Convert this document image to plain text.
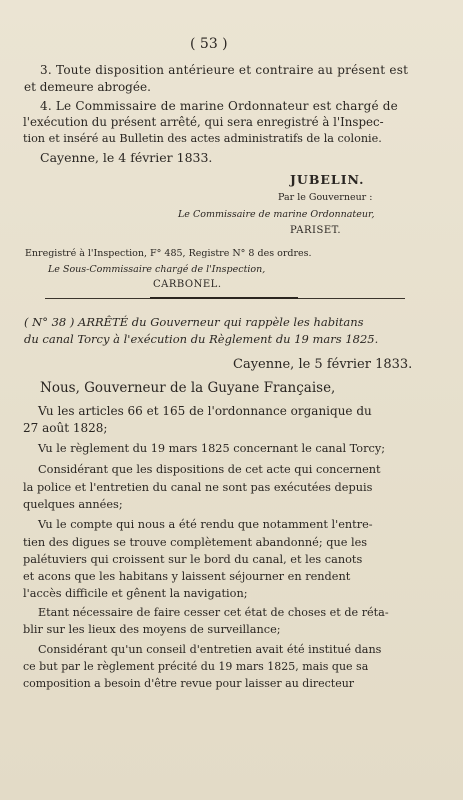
( 53 )
3. Toute disposition antérieure et contraire au présent est
et demeure abrogée.
4. Le Commissaire de marine Ordonnateur est chargé de
l'exécution du présent arrêté, qui sera enregistré à l'Inspec-
tion et inséré au Bulletin des actes administratifs de la colonie.
Cayenne, le 4 février 1833.
JUBELIN.
Par le Gouverneur :
Le Commissaire de marine Ordonnateur,
PARISET.
Enregistré à l'Inspection, F° 485, Registre N° 8 des ordres.
Le Sous-Commissaire chargé de l'Inspection,
CARBONEL.
( N° 38 ) ARRÊTÉ du Gouverneur qui rappèle les habitans
du canal Torcy à l'exécution du Règlement du 19 mars 1825.
Cayenne, le 5 février 1833.
Nous, Gouverneur de la Guyane Française,
Vu les articles 66 et 165 de l'ordonnance organique du
27 août 1828;
Vu le règlement du 19 mars 1825 concernant le canal Torcy;
Considérant que les dispositions de cet acte qui concernent
la police et l'entretien du canal ne sont pas exécutées depuis
quelques années;
Vu le compte qui nous a été rendu que notamment l'entre-
tien des digues se trouve complètement abandonné; que les
palétuviers qui croissent sur le bord du canal, et les canots
et acons que les habitans y laissent séjourner en rendent
l'accès difficile et gênent la navigation;
Etant nécessaire de faire cesser cet état de choses et de réta-
blir sur les lieux des moyens de surveillance;
Considérant qu'un conseil d'entretien avait été institué dans
ce but par le règlement précité du 19 mars 1825, mais que sa
composition a besoin d'être revue pour laisser au directeur
